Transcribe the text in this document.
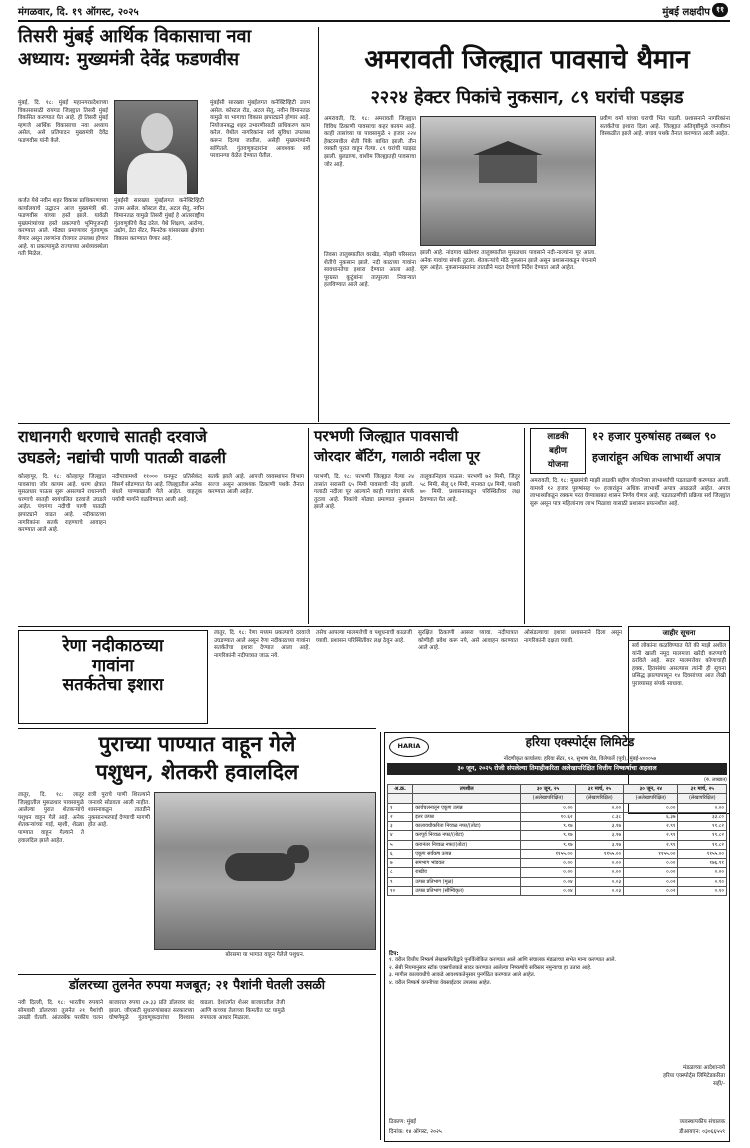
मंगळवार, दि. १९ ऑगस्ट, २०२५	मुंबई लक्षदीप ११
तिसरी मुंबई आर्थिक विकासाचा नवा
अध्याय: मुख्यमंत्री देवेंद्र फडणवीस
मुंबई, दि. १८: मुंबई महानगरप्रदेशाच्या विकासासाठी रायगड जिल्ह्यात तिसरी मुंबई विकसित करण्यात येत आहे. ही तिसरी मुंबई म्हणजे आर्थिक विकासाचा नवा अध्याय असेल, असे प्रतिपादन मुख्यमंत्री देवेंद्र फडणवीस यांनी केले.
कर्जत येथे नवीन शहर विकास प्राधिकरणाच्या कार्यालयाचे उद्घाटन आज मुख्यमंत्री श्री. फडणवीस यांच्या हस्ते झाले. यावेळी मुख्यमंत्र्यांच्या हस्ते प्रकल्पाचे भूमिपूजनही करण्यात आले. मोठ्या प्रमाणावर गुंतवणूक येणार असून तरुणांना रोजगार उपलब्ध होणार आहे. या प्रकल्पामुळे राज्याच्या अर्थव्यवस्थेला गती मिळेल.
मुंबईसी सारख्या मुंबईलगत कनेक्टिव्हिटी उत्तम असेल. कोस्टल रोड, अटल सेतू, नवीन विमानतळ यामुळे तिसरी मुंबई हे आंतरराष्ट्रीय गुंतवणुकीचे केंद्र ठरेल. येथे शिक्षण, आरोग्य, उद्योग, डेटा सेंटर, फिनटेक यांसारख्या क्षेत्रांचा विकास करण्यात येणार आहे.
मुंबईसी सारख्या मुंबईलगत कनेक्टिव्हिटी उत्तम असेल. कोस्टल रोड, अटल सेतू, नवीन विमानतळ यामुळे या भागाचा विकास झपाट्याने होणार आहे. नियोजनबद्ध शहर उभारणीसाठी प्राधिकरण काम करेल. येथील नागरिकांना सर्व सुविधा उपलब्ध करून दिल्या जातील, असेही मुख्यमंत्र्यांनी सांगितले. गुंतवणूकदारांना आवश्यक सर्व परवानग्या वेळेत देण्यात येतील.
अमरावती जिल्ह्यात पावसाचे थैमान
२२२४ हेक्टर पिकांचे नुकसान, ८९ घरांची पडझड
अमरावती, दि. १८: अमरावती जिल्ह्यात विविध ठिकाणी पावसाचा कहर कायम आहे. काही तासांच्या या पावसामुळे २ हजार २२४ हेक्टरमधील शेती पिके बाधित झाली. तीन व्यक्ती पुरात वाहून गेल्या. ८९ घरांची पडझड झाली. बुलडाणा, वाशीम जिल्ह्यातही पावसाचा जोर आहे.
प्रवीण वर्मा यांच्या घराची भिंत पडली. प्रशासनाने नागरिकांना सतर्कतेचा इशारा दिला आहे. जिल्ह्यात अतिवृष्टीमुळे जनजीवन विस्कळीत झाले आहे. बचाव पथके तैनात करण्यात आली आहेत.
झाली आहे. नांदगाव खंडेश्वर तालुक्यातील मुसळधार पावसाने नदी-नाल्यांना पूर आला. अनेक गावांचा संपर्क तुटला. शेतकऱ्यांचे मोठे नुकसान झाले असून प्रशासनाकडून पंचनामे सुरू आहेत. नुकसानग्रस्तांना तातडीने मदत देण्याचे निर्देश देण्यात आले आहेत.
तिवसा तालुक्यातील वरखेड, मोझरी परिसरात शेतीचे नुकसान झाले. नदी काठच्या गावांना सावधानतेचा इशारा देण्यात आला आहे. पूरग्रस्त कुटुंबांना तात्पुरत्या निवाऱ्यात हलविण्यात आले आहे.
राधानगरी धरणाचे सातही दरवाजे
उघडले; नद्यांची पाणी पातळी वाढली
कोल्हापूर, दि. १८: कोल्हापूर जिल्ह्यात पावसाचा जोर कायम आहे. धरण क्षेत्रात मुसळधार पाऊस सुरू असल्याने राधानगरी धरणाचे सातही स्वयंचलित दरवाजे उघडले आहेत. पंचगंगा नदीची पाणी पातळी झपाट्याने वाढत आहे. नदीकाठच्या नागरिकांना सतर्क राहण्याचे आवाहन करण्यात आले आहे.
नदीपात्रामध्ये ११००० घनफूट प्रतिसेकंद विसर्ग सोडण्यात येत आहे. जिल्ह्यातील अनेक बंधारे पाण्याखाली गेले आहेत. वाहतूक पर्यायी मार्गाने वळविण्यात आली आहे.
सतर्क झाले आहे. आपत्ती व्यवस्थापन विभाग सज्ज असून आवश्यक ठिकाणी पथके तैनात करण्यात आली आहेत.
परभणी जिल्ह्यात पावसाची
जोरदार बॅटिंग, गलाठी नदीला पूर
परभणी, दि. १८: परभणी जिल्ह्यात गेल्या २४ तासांत सरासरी ६५ मिमी पावसाची नोंद झाली. गलाठी नदीला पूर आल्याने काही गावांचा संपर्क तुटला आहे. पिकांचे मोठ्या प्रमाणात नुकसान झाले आहे.
तालुकानिहाय पाऊस: परभणी ७२ मिमी, जिंतूर ५८ मिमी, सेलू ६१ मिमी, मानवत ६४ मिमी, पाथरी ७० मिमी. प्रशासनाकडून परिस्थितीवर लक्ष ठेवण्यात येत आहे.
लाडकी
बहीण
योजना
१२ हजार पुरुषांसह तब्बल ९०
हजारांहून अधिक लाभार्थी अपात्र
अमरावती, दि. १८: मुख्यमंत्री माझी लाडकी बहीण योजनेच्या लाभार्थ्यांची पडताळणी करण्यात आली. यामध्ये १२ हजार पुरुषांसह ९० हजारांहून अधिक लाभार्थी अपात्र आढळले आहेत. अपात्र लाभार्थ्यांकडून रक्कम परत घेण्याबाबत शासन निर्णय घेणार आहे. पडताळणीची प्रक्रिया सर्व जिल्ह्यांत सुरू असून पात्र महिलांनाच लाभ मिळावा यासाठी प्रशासन प्रयत्नशील आहे.
जाहीर सूचना
सर्व लोकांना कळविण्यात येते की माझे अशील यांनी खाली नमूद मालमत्ता खरेदी करण्याचे ठरविले आहे. सदर मालमत्तेवर कोणाचाही हक्क, हितसंबंध असल्यास त्यांनी ही सूचना प्रसिद्ध झाल्यापासून १४ दिवसांच्या आत लेखी पुराव्यासह संपर्क साधावा.
रेणा नदीकाठच्या
गावांना
सतर्कतेचा इशारा
लातूर, दि. १८: रेणा मध्यम प्रकल्पाचे दरवाजे उघडण्यात आले असून रेणा नदीकाठच्या गावांना सतर्कतेचा इशारा देण्यात आला आहे. नागरिकांनी नदीपात्रात जाऊ नये.
तसेच आपल्या मालमत्तेची व पशुधनाची काळजी घ्यावी. प्रशासन परिस्थितीवर लक्ष ठेवून आहे.
सुरक्षित ठिकाणी आसरा घ्यावा. नदीपात्रात कोणीही प्रवेश करू नये, असे आवाहन करण्यात आले आहे.
ओसंडल्याचा इशारा प्रशासनाने दिला असून नागरिकांनी दक्षता घ्यावी.
पुराच्या पाण्यात वाहून गेले
पशुधन, शेतकरी हवालदिल
लातूर, दि. १८: लातूर जिल्ह्यातील मुसळधार पावसामुळे आलेल्या पुरात शेतकऱ्यांचे पशुधन वाहून गेले आहे. अनेक शेतकऱ्यांच्या गाई, म्हशी, शेळ्या पाण्यात वाहून गेल्याने ते हवालदिल झाले आहेत.
रात्री पुराचे पाणी शिरल्याने जनावरे सोडवता आली नाहीत. शासनाकडून तातडीने नुकसानभरपाई देण्याची मागणी होत आहे.
बोरसमा या भागात वाहून गेलेले पशुधन.
डॉलरच्या तुलनेत रुपया मजबूत; २१ पैशांनी घेतली उसळी
नवी दिल्ली, दि. १८: भारतीय रुपयाने सोमवारी डॉलरच्या तुलनेत २१ पैशांची उसळी घेतली. आंतरबँक परकीय चलन बाजारात रुपया ८७.३३ प्रति डॉलरवर बंद झाला. जीएसटी सुधारणांबाबत सरकारच्या घोषणेमुळे गुंतवणूकदारांचा विश्वास वाढला. देशांतर्गत शेअर बाजारातील तेजी आणि कच्च्या तेलाच्या किमतीत घट यामुळे रुपयाला आधार मिळाला.
HARIA	हरिया एक्स्पोर्ट्स लिमिटेड
नोंदणीकृत कार्यालय: हरिया सेंटर, १२, सुभाष रोड, विलेपार्ले (पूर्व), मुंबई-४०००५७
३० जून, २०२५ रोजी संपलेल्या तिमाहीकरिता अलेखापरिक्षित वित्तीय निष्कर्षाचा अहवाल
(रु. लाखात)
अ.क्र.	तपशील	३० जून, २५	३१ मार्च, २५	३० जून, २४	३१ मार्च, २५
		(अलेखापरिक्षित)	(लेखापरिक्षित)	(अलेखापरिक्षित)	(लेखापरिक्षित)
१	कार्यचलनातून एकूण उत्पन्न	०.००	०.००	०.००	०.००
२	इतर उत्पन्न	१०.६२	८.३८	६.३७	३३.८०
३	कालावधीकरिता निव्वळ नफा/(तोटा)	९.१७	३.१७	२.९१	११.८२
४	करपूर्व निव्वळ नफा/(तोटा)	९.१७	३.१७	२.९१	११.८२
५	करानंतर निव्वळ नफा/(तोटा)	९.१७	३.१७	२.९१	११.८२
६	एकूण सर्वंकष उत्पन्न	११५५.००	११५५.००	११५५.००	११५५.००
७	समभाग भांडवल	०.००	०.००	०.००	१७६.९१
८	राखीव	०.००	०.००	०.००	०.००
९	उत्पन्न प्रतिभाग (मूळ)	०.०४	०.०३	०.०२	०.१०
१०	उत्पन्न प्रतिभाग (सौम्यिकृत)	०.०४	०.०३	०.०२	०.१०
टिप:
१. वरील वित्तीय निष्कर्ष लेखासमितीद्वारे पुनर्विलोकित करण्यात आले आणि संचालक मंडळाच्या सभेत मान्य करण्यात आले.
२. सेबी नियमानुसार स्टॉक एक्सचेंजकडे सादर करण्यात आलेल्या निष्कर्षाचे सविस्तर नमुन्याचा हा उतारा आहे.
३. मागील कालावधीचे आकडे आवश्यकतेनुसार पुनर्गठित करण्यात आले आहेत.
४. वरील निष्कर्ष कंपनीच्या वेबसाईटवर उपलब्ध आहेत.
मंडळाच्या आदेशान्वये
हरिया एक्स्पोर्ट्स लिमिटेडकरिता
सही/-
ठिकाण: मुंबई
दिनांक: १४ ऑगस्ट, २०२५
व्यवस्थापकीय संचालक
डीआयएन: ०३०६६५५९
